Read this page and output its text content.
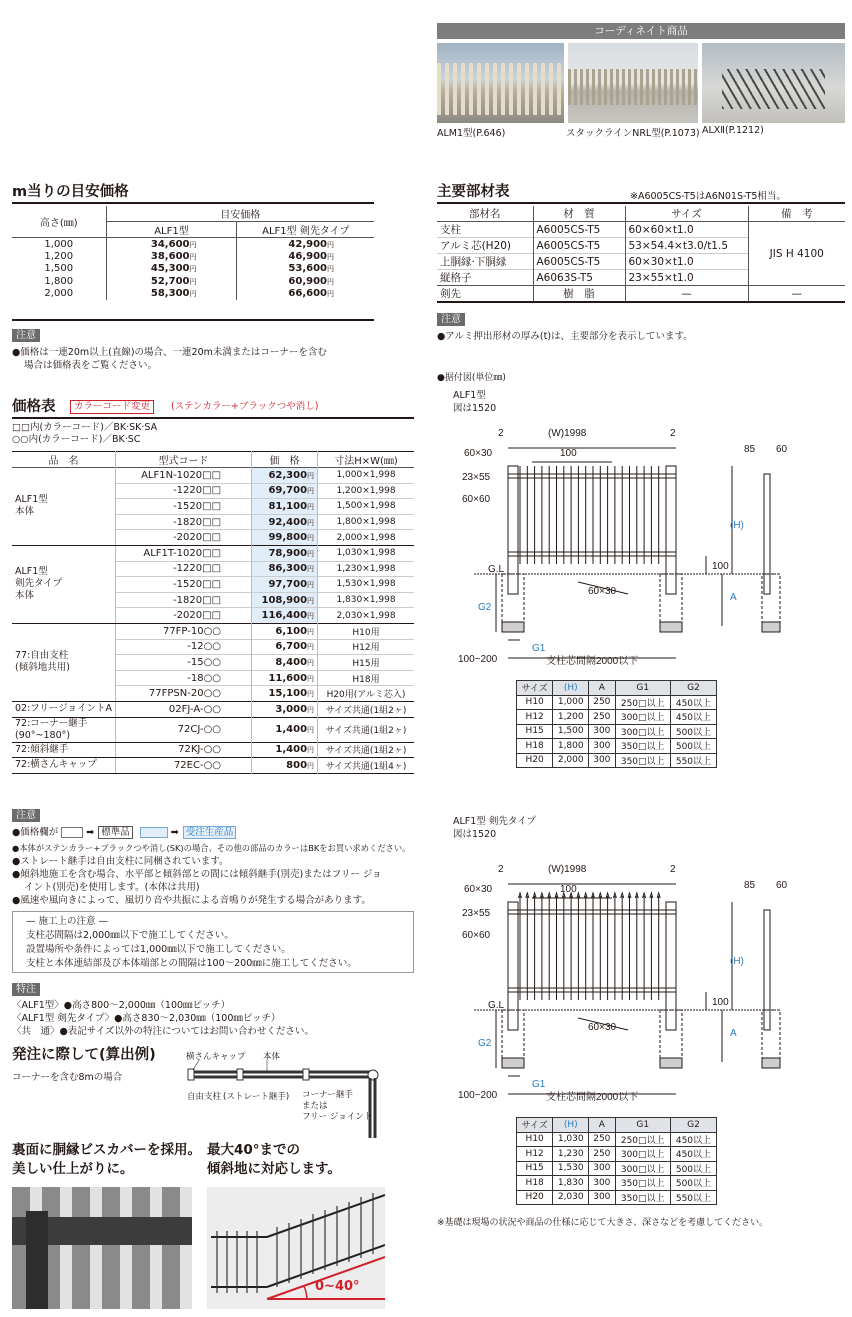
コーディネイト商品
ALM1型(P.646)	スタックラインNRL型(P.1073) ALXⅡ(P.1212)
m当りの目安価格
高さ(㎜)	目安価格	
	ALF1型	ALF1型 剣先タイプ
1,000	34,600円	42,900円
1,200	38,600円	46,900円
1,500	45,300円	53,600円
1,800	52,700円	60,900円
2,000	58,300円	66,600円
注意
●価格は一連20m以上(直線)の場合、一連20m未満またはコーナーを含む
場合は価格表をご覧ください。
価格表	カラーコード変更	(ステンカラー+ブラックつや消し)
□□内(カラーコード)／BK·SK·SA
○○内(カラーコード)／BK·SC
品　名	型式コード	価　格	寸法H×W(㎜)

ALF1型
本体	ALF1N-1020□□	62,300円	1,000×1,998
	-1220□□	69,700円	1,200×1,998
	-1520□□	81,100円	1,500×1,998
	-1820□□	92,400円	1,800×1,998
	-2020□□	99,800円	2,000×1,998

ALF1型
剣先タイプ
本体	ALF1T-1020□□	78,900円	1,030×1,998
	-1220□□	86,300円	1,230×1,998
	-1520□□	97,700円	1,530×1,998
	-1820□□	108,900円	1,830×1,998
	-2020□□	116,400円	2,030×1,998

77:自由支柱
(傾斜地共用)	77FP-10○○	6,100円	H10用
	-12○○	6,700円	H12用
	-15○○	8,400円	H15用
	-18○○	11,600円	H18用
	77FPSN-20○○	15,100円	H20用(アルミ芯入)

02:フリージョイントA	02FJ-A-○○	3,000円	サイズ共通(1組2ヶ)

72:コーナー継手
(90°~180°)	72CJ-○○	1,400円	サイズ共通(1組2ヶ)

72:傾斜継手	72KJ-○○	1,400円	サイズ共通(1組2ヶ)

72:横さんキャップ	72EC-○○	800円	サイズ共通(1組4ヶ)
注意
●価格欄が	➡ 標準品	➡ 受注生産品
●本体がステンカラー+ブラックつや消し(SK)の場合、その他の部品のカラーはBKをお買い求めください。
●ストレート継手は自由支柱に同梱されています。
●傾斜地施工を含む場合、水平部と傾斜部との間には傾斜継手(別売)またはフリー ジョ
イント(別売)を使用します。(本体は共用)
●風速や風向きによって、風切り音や共振による音鳴りが発生する場合があります。
— 施工上の注意 —
支柱芯間隔は2,000㎜以下で施工してください。
設置場所や条件によっては1,000㎜以下で施工してください。
支柱と本体連結部及び本体端部との間隔は100～200㎜に施工してください。
特注
〈ALF1型〉●高さ800～2,000㎜（100㎜ピッチ）
〈ALF1型 剣先タイプ〉●高さ830～2,030㎜（100㎜ピッチ）
〈共　通〉●表記サイズ以外の特注についてはお問い合わせください。
発注に際して(算出例)
コーナーを含む8mの場合
横さんキャップ 本体
自由支柱 (ストレート継手) コーナー継手
または
フリー ジョイント
裏面に胴縁ビスカバーを採用。
美しい仕上がりに。
最大40°までの
傾斜地に対応します。
0~40°
主要部材表	※A6005CS-T5はA6N01S-T5相当。
部材名	材　質	サイズ	備　考
支柱	A6005CS-T5	60×60×t1.0	JIS H 4100
アルミ芯(H20)	A6005CS-T5	53×54.4×t3.0/t1.5	
上胴縁·下胴縁	A6005CS-T5	60×30×t1.0	
縦格子	A6063S-T5	23×55×t1.0	
剣先	樹　脂	—	—
注意
●アルミ押出形材の厚み(t)は、主要部分を表示しています。
●据付図(単位㎜)
ALF1型
図は1520
2	2
(W)1998
100
60×30
23×55
60×60
(H)
100
G.L
A
G2
G1
60×30
100~200	支柱芯間隔2000以下
85 60
サイズ	(H)	A	G1	G2
H10	1,000	250	250□以上	450以上
H12	1,200	250	300□以上	450以上
H15	1,500	300	300□以上	500以上
H18	1,800	300	350□以上	500以上
H20	2,000	300	350□以上	550以上
ALF1型 剣先タイプ
図は1520
2	2
(W)1998
100
60×30
23×55
60×60
(H)
100
G.L
A
G2
G1
60×30
100~200	支柱芯間隔2000以下
85 60
サイズ	(H)	A	G1	G2
H10	1,030	250	250□以上	450以上
H12	1,230	250	300□以上	450以上
H15	1,530	300	300□以上	500以上
H18	1,830	300	350□以上	500以上
H20	2,030	300	350□以上	550以上
※基礎は現場の状況や商品の仕様に応じて大きさ、深さなどを考慮してください。
